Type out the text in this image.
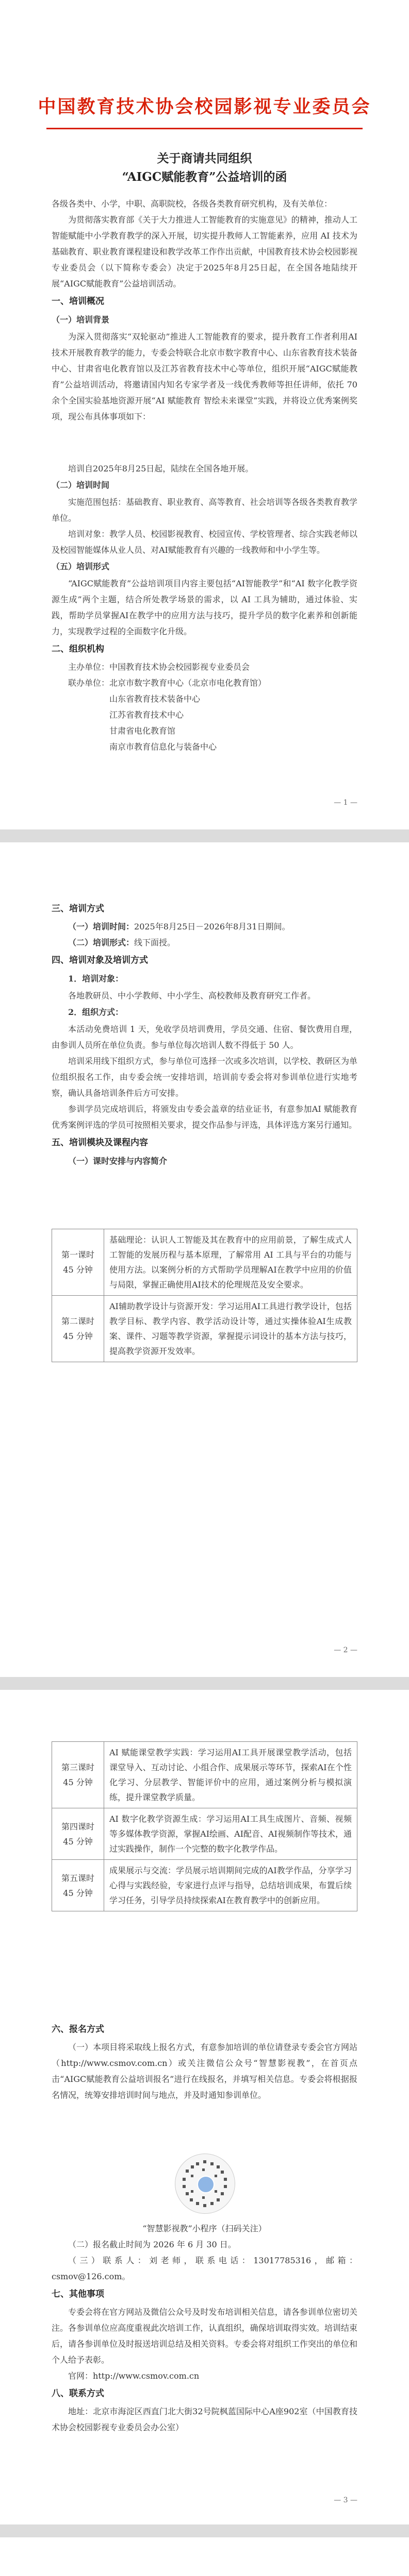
中国教育技术协会校园影视专业委员会
关于商请共同组织
“AIGC赋能教育”公益培训的函

各级各类中、小学，中职、高职院校，各级各类教育研究机构，及有关单位：

为贯彻落实教育部《关于大力推进人工智能教育的实施意见》的精神，推动人工智能赋能中小学教育教学的深入开展，切实提升教师人工智能素养，应用 AI 技术为基础教育、职业教育课程建设和教学改革工作作出贡献，中国教育技术协会校园影视专业委员会（以下简称专委会）决定于2025年8月25日起，在全国各地陆续开展“AIGC赋能教育”公益培训活动。

一、培训概况
（一）培训背景

为深入贯彻落实“双轮驱动”推进人工智能教育的要求，提升教育工作者利用AI技术开展教育教学的能力，专委会特联合北京市数字教育中心、山东省教育技术装备中心、甘肃省电化教育馆以及江苏省教育技术中心等单位，组织开展“AIGC赋能教育”公益培训活动，将邀请国内知名专家学者及一线优秀教师等担任讲师，依托 70 余个全国实验基地资源开展“AI 赋能教育 智绘未来课堂”实践，并将设立优秀案例奖项，现公布具体事项如下：

培训自2025年8月25日起，陆续在全国各地开展。

（二）培训时间

实施范围包括：基础教育、职业教育、高等教育、社会培训等各级各类教育教学单位。

培训对象：教学人员、校园影视教育、校园宣传、学校管理者、综合实践老师以及校园智能媒体从业人员、对AI赋能教育有兴趣的一线教师和中小学生等。

（五）培训形式

“AIGC赋能教育”公益培训项目内容主要包括“AI智能教学”和“AI 数字化教学资源生成”两个主题，结合所处教学场景的需求，以 AI 工具为辅助，通过体验、实践，帮助学员掌握AI在教学中的应用方法与技巧，提升学员的数字化素养和创新能力，实现教学过程的全面数字化升级。

二、组织机构

主办单位：中国教育技术协会校园影视专业委员会

联办单位：北京市数字教育中心（北京市电化教育馆）

山东省教育技术装备中心

江苏省教育技术中心

甘肃省电化教育馆

南京市教育信息化与装备中心

— 1 —
三、培训方式

（一）培训时间：2025年8月25日－2026年8月31日期间。

（二）培训形式：线下面授。

四、培训对象及培训方式
1．培训对象：

各地教研员、中小学教师、中小学生、高校教师及教育研究工作者。

2．组织方式：

本活动免费培训 1 天，免收学员培训费用，学员交通、住宿、餐饮费用自理，由参训人员所在单位负责。参与单位每次培训人数不得低于 50 人。

培训采用线下组织方式，参与单位可选择一次或多次培训，以学校、教研区为单位组织报名工作，由专委会统一安排培训，培训前专委会将对参训单位进行实地考察，确认具备培训条件后方可安排。

参训学员完成培训后，将颁发由专委会盖章的结业证书，有意参加AI 赋能教育优秀案例评选的学员可按照相关要求，提交作品参与评选，具体评选方案另行通知。

五、培训模块及课程内容
（一）课时安排与内容简介
第一课时
45 分钟	基础理论：认识人工智能及其在教育中的应用前景，了解生成式人工智能的发展历程与基本原理，了解常用 AI 工具与平台的功能与使用方法。以案例分析的方式帮助学员理解AI在教学中应用的价值与局限，掌握正确使用AI技术的伦理规范及安全要求。
第二课时
45 分钟	AI辅助教学设计与资源开发：学习运用AI工具进行教学设计，包括教学目标、教学内容、教学活动设计等，通过实操体验AI生成教案、课件、习题等教学资源，掌握提示词设计的基本方法与技巧，提高教学资源开发效率。
— 2 —
第三课时
45 分钟	AI 赋能课堂教学实践：学习运用AI工具开展课堂教学活动，包括课堂导入、互动讨论、小组合作、成果展示等环节，探索AI在个性化学习、分层教学、智能评价中的应用，通过案例分析与模拟演练，提升课堂教学质量。
第四课时
45 分钟	AI 数字化教学资源生成：学习运用AI工具生成图片、音频、视频等多媒体教学资源，掌握AI绘画、AI配音、AI视频制作等技术，通过实践操作，制作一个完整的数字化教学作品。
第五课时
45 分钟	成果展示与交流：学员展示培训期间完成的AI教学作品，分享学习心得与实践经验，专家进行点评与指导，总结培训成果，布置后续学习任务，引导学员持续探索AI在教育教学中的创新应用。
六、报名方式

（一）本项目将采取线上报名方式，有意参加培训的单位请登录专委会官方网站（http://www.csmov.com.cn）或关注微信公众号“智慧影视教”，在首页点击“AIGC赋能教育公益培训报名”进行在线报名，并填写相关信息。专委会将根据报名情况，统筹安排培训时间与地点，并及时通知参训单位。

“智慧影视教”小程序（扫码关注）

（二）报名截止时间为 2026 年 6 月 30 日。

（三）联系人：刘老师，联系电话：13017785316，邮箱：csmov@126.com。

七、其他事项

专委会将在官方网站及微信公众号及时发布培训相关信息，请各参训单位密切关注。各参训单位应高度重视此次培训工作，认真组织，确保培训取得实效。培训结束后，请各参训单位及时报送培训总结及相关资料。专委会将对组织工作突出的单位和个人给予表彰。

官网：http://www.csmov.com.cn

八、联系方式

地址：北京市海淀区西直门北大街32号院枫蓝国际中心A座902室（中国教育技术协会校园影视专业委员会办公室）

— 3 —
